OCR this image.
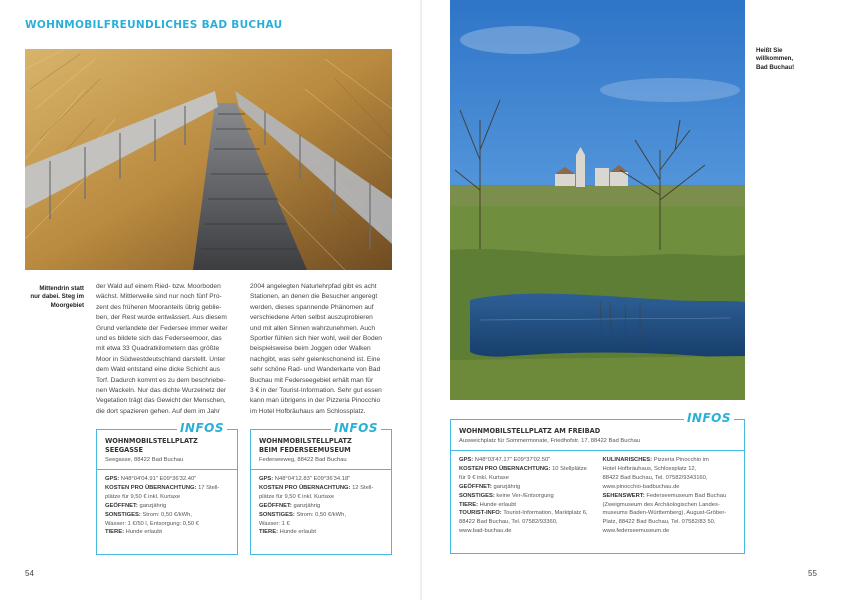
WOHNMOBILFREUNDLICHES BAD BUCHAU
Mittendrin statt
nur dabei. Steg im
Moorgebiet
der Wald auf einem Ried- bzw. Moorboden
wächst. Mittlerweile sind nur noch fünf Pro-
zent des früheren Mooranteils übrig geblie-
ben, der Rest wurde entwässert. Aus diesem
Grund verlandete der Federsee immer weiter
und es bildete sich das Federseemoor, das
mit etwa 33 Quadratkilometern das größte
Moor in Südwestdeutschland darstellt. Unter
dem Wald entstand eine dicke Schicht aus
Torf. Dadurch kommt es zu dem beschriebe-
nen Wackeln. Nur das dichte Wurzelnetz der
Vegetation trägt das Gewicht der Menschen,
die dort spazieren gehen. Auf dem im Jahr
2004 angelegten Naturlehrpfad gibt es acht
Stationen, an denen die Besucher angeregt
werden, dieses spannende Phänomen auf
verschiedene Arten selbst auszuprobieren
und mit allen Sinnen wahrzunehmen. Auch
Sportler fühlen sich hier wohl, weil der Boden
beispielsweise beim Joggen oder Walken
nachgibt, was sehr gelenkschonend ist. Eine
sehr schöne Rad- und Wanderkarte von Bad
Buchau mit Federseegebiet erhält man für
3 € in der Tourist-Information. Sehr gut essen
kann man übrigens in der Pizzeria Pinocchio
im Hotel Hofbräuhaus am Schlossplatz.
INFOS
WOHNMOBILSTELLPLATZ
SEEGASSE
Seegasse, 88422 Bad Buchau
GPS: N48°04'04.91" E09°36'32.40"
KOSTEN PRO ÜBERNACHTUNG: 17 Stell-
plätze für 9,50 € inkl. Kurtaxe
GEÖFFNET: ganzjährig
SONSTIGES: Strom: 0,50 €/kWh,
Wasser: 1 €/50 l, Entsorgung: 0,50 €
TIERE: Hunde erlaubt
INFOS
WOHNMOBILSTELLPLATZ
BEIM FEDERSEEMUSEUM
Federseeweg, 88422 Bad Buchau
GPS: N48°04'12.83" E09°36'34.18"
KOSTEN PRO ÜBERNACHTUNG: 12 Stell-
plätze für 9,50 € inkl. Kurtaxe
GEÖFFNET: ganzjährig
SONSTIGES: Strom: 0,50 €/kWh,
Wasser: 1 €
TIERE: Hunde erlaubt
54
INFOS
WOHNMOBILSTELLPLATZ AM FREIBAD
Ausweichplatz für Sommermonate, Friedhofstr. 17, 88422 Bad Buchau
GPS: N48°03'47.17" E09°37'02.50"
KOSTEN PRO ÜBERNACHTUNG: 10 Stellplätze
für 9 € inkl. Kurtaxe
GEÖFFNET: ganzjährig
SONSTIGES: keine Ver-/Entsorgung
TIERE: Hunde erlaubt
TOURIST-INFO: Tourist-Information, Marktplatz 6,
88422 Bad Buchau, Tel. 07582/93360,
www.bad-buchau.de
KULINARISCHES: Pizzeria Pinocchio im
Hotel Hofbräuhaus, Schlossplatz 12,
88422 Bad Buchau, Tel. 07582/9343160,
www.pinocchio-badbuchau.de
SEHENSWERT: Federseemuseum Bad Buchau
(Zweigmuseum des Archäologischen Landes-
museums Baden-Württemberg), August-Gröber-
Platz, 88422 Bad Buchau, Tel. 07582/83 50,
www.federseemuseum.de
55
Heißt Sie
willkommen,
Bad Buchau!
